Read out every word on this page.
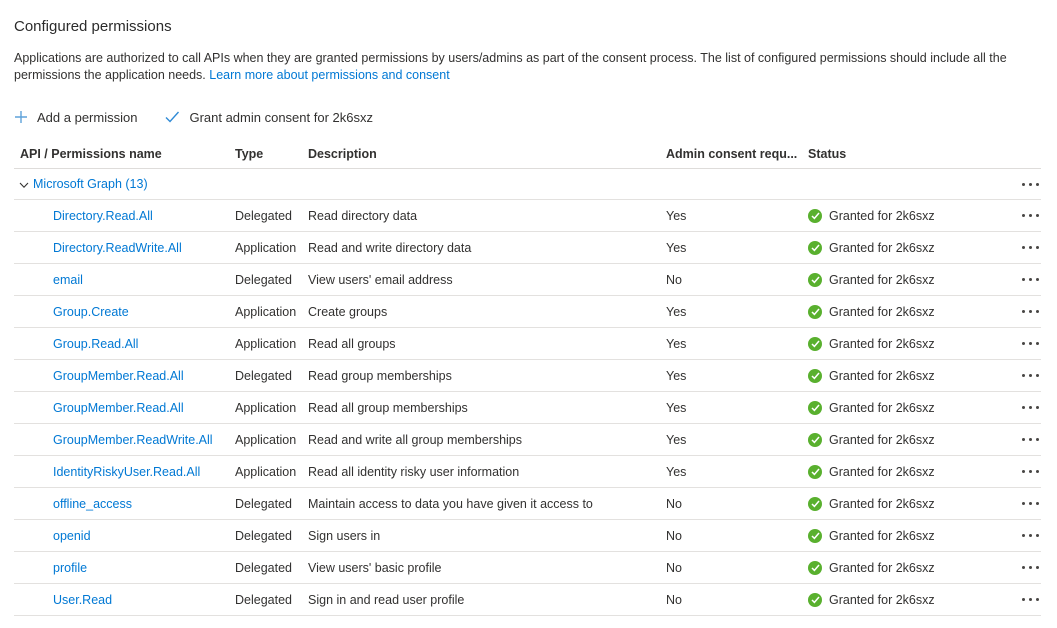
Configured permissions

Applications are authorized to call APIs when they are granted permissions by users/admins as part of the consent process. The list of configured permissions should include all the permissions the application needs. Learn more about permissions and consent

Add a permission	Grant admin consent for 2k6sxz
API / Permissions name	Type	Description	Admin consent requ... Status
Microsoft Graph (13)
Directory.Read.All	Delegated	Read directory data	Yes	Granted for 2k6sxz
Directory.ReadWrite.All	Application Read and write directory data	Yes	Granted for 2k6sxz
email	Delegated	View users' email address	No	Granted for 2k6sxz
Group.Create	Application Create groups	Yes	Granted for 2k6sxz
Group.Read.All	Application Read all groups	Yes	Granted for 2k6sxz
GroupMember.Read.All	Delegated	Read group memberships	Yes	Granted for 2k6sxz
GroupMember.Read.All	Application Read all group memberships	Yes	Granted for 2k6sxz
GroupMember.ReadWrite.All	Application Read and write all group memberships	Yes	Granted for 2k6sxz
IdentityRiskyUser.Read.All	Application Read all identity risky user information	Yes	Granted for 2k6sxz
offline_access	Delegated	Maintain access to data you have given it access to	No	Granted for 2k6sxz
openid	Delegated	Sign users in	No	Granted for 2k6sxz
profile	Delegated	View users' basic profile	No	Granted for 2k6sxz
User.Read	Delegated	Sign in and read user profile	No	Granted for 2k6sxz
